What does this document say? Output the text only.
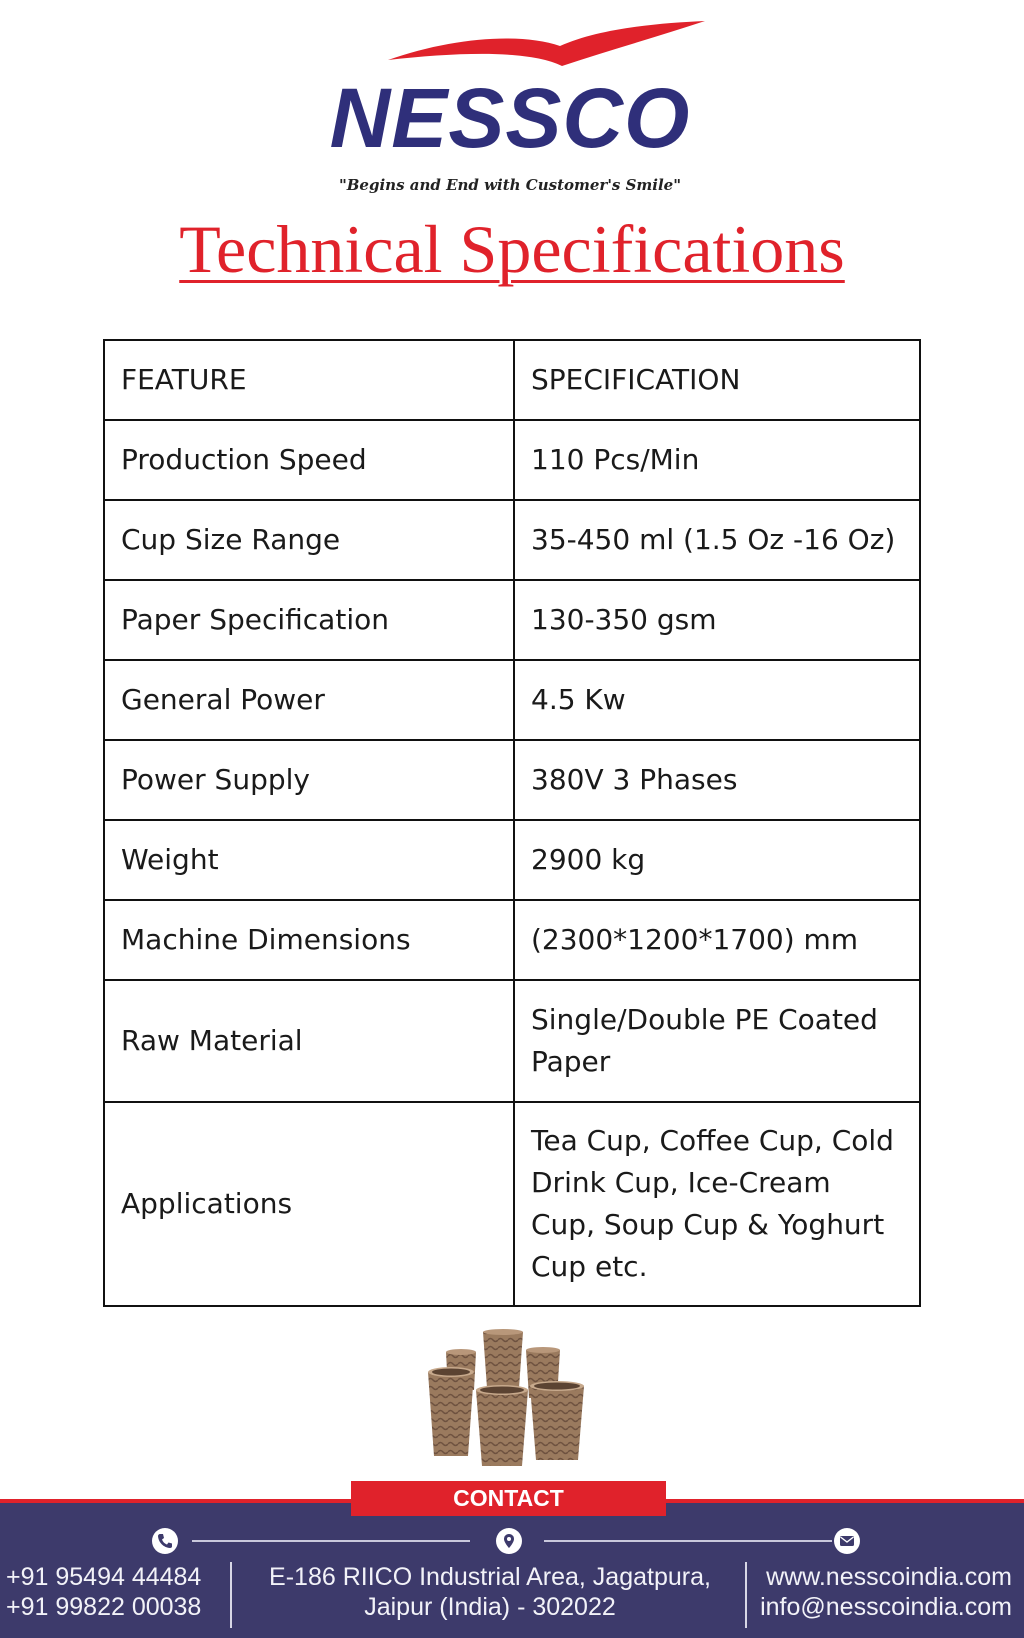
NESSCO
"Begins and End with Customer's Smile"
Technical Specifications
FEATURE	SPECIFICATION
Production Speed	110 Pcs/Min
Cup Size Range	35-450 ml (1.5 Oz -16 Oz)
Paper Specification	130-350 gsm
General Power	4.5 Kw
Power Supply	380V 3 Phases
Weight	2900 kg
Machine Dimensions	(2300*1200*1700) mm
Raw Material	Single/Double PE Coated Paper
Applications	Tea Cup, Coffee Cup, Cold Drink Cup, Ice-Cream Cup, Soup Cup & Yoghurt Cup etc.
CONTACT
+91 95494 44484
+91 99822 00038
E-186 RIICO Industrial Area, Jagatpura,
Jaipur (India) - 302022
www.nesscoindia.com
info@nesscoindia.com
